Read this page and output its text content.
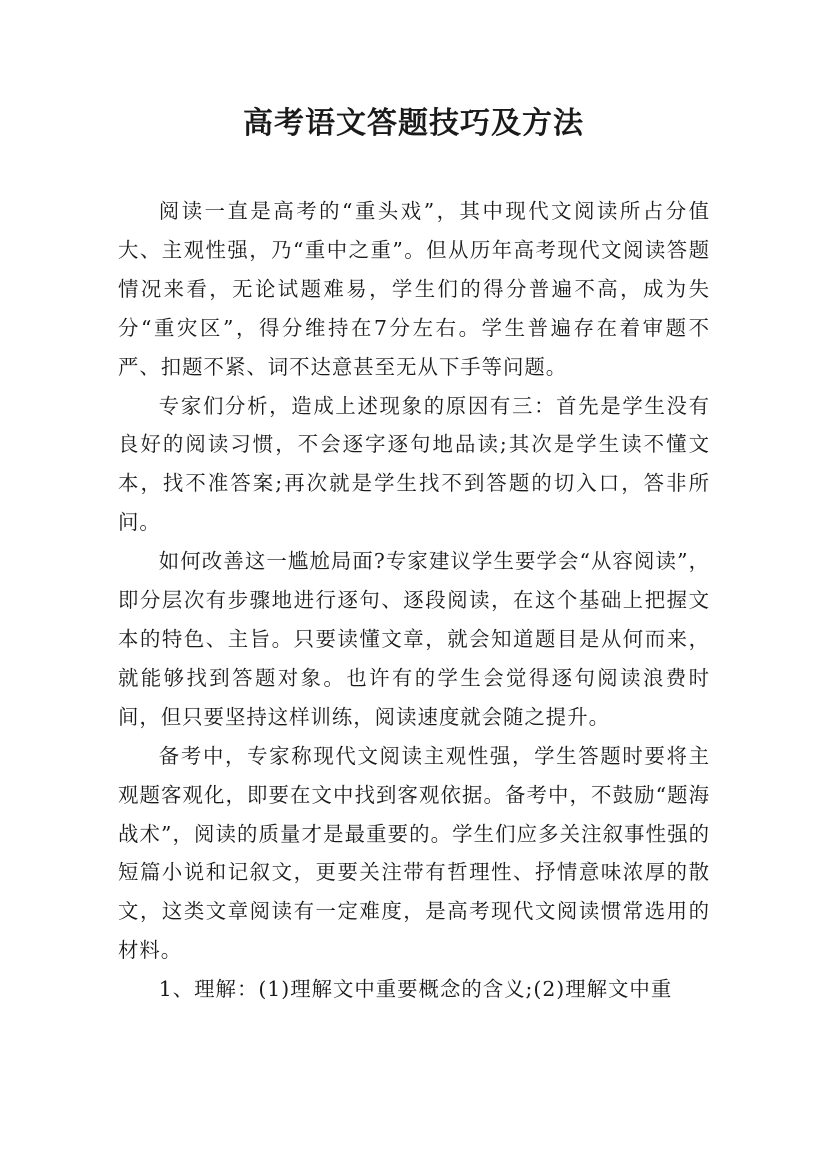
高考语文答题技巧及方法

阅读一直是高考的“重头戏”，其中现代文阅读所占分值大、主观性强，乃“重中之重”。但从历年高考现代文阅读答题情况来看，无论试题难易，学生们的得分普遍不高，成为失分“重灾区”，得分维持在7分左右。学生普遍存在着审题不严、扣题不紧、词不达意甚至无从下手等问题。

专家们分析，造成上述现象的原因有三：首先是学生没有良好的阅读习惯，不会逐字逐句地品读;其次是学生读不懂文本，找不准答案;再次就是学生找不到答题的切入口，答非所问。

如何改善这一尴尬局面?专家建议学生要学会“从容阅读”，即分层次有步骤地进行逐句、逐段阅读，在这个基础上把握文本的特色、主旨。只要读懂文章，就会知道题目是从何而来，就能够找到答题对象。也许有的学生会觉得逐句阅读浪费时间，但只要坚持这样训练，阅读速度就会随之提升。

备考中，专家称现代文阅读主观性强，学生答题时要将主观题客观化，即要在文中找到客观依据。备考中，不鼓励“题海战术”，阅读的质量才是最重要的。学生们应多关注叙事性强的短篇小说和记叙文，更要关注带有哲理性、抒情意味浓厚的散文，这类文章阅读有一定难度，是高考现代文阅读惯常选用的材料。

1、理解：(1)理解文中重要概念的含义;(2)理解文中重
